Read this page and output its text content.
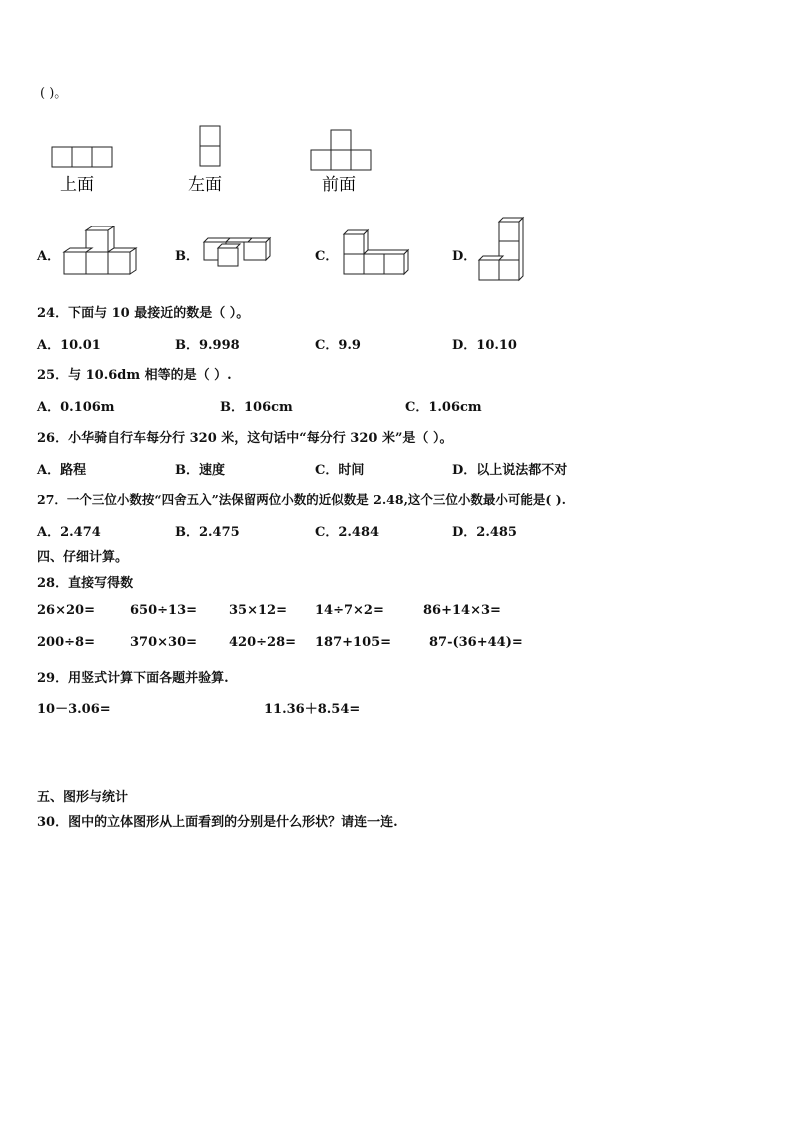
( )。
上面	左面	前面
A．	B．	C．	D．
24．下面与 10 最接近的数是（ ）。
A．10.01	B．9.998	C．9.9	D．10.10
25．与 10.6dm 相等的是（ ）.
A．0.106m	B．106cm	C．1.06cm
26．小华骑自行车每分行 320 米，这句话中“每分行 320 米”是（ ）。
A．路程	B．速度	C．时间	D．以上说法都不对
27．一个三位小数按“四舍五入”法保留两位小数的近似数是 2.48,这个三位小数最小可能是( ).
A．2.474	B．2.475	C．2.484	D．2.485
四、仔细计算。
28．直接写得数
26×20=	650÷13= 35×12= 14÷7×2=	86+14×3=
200÷8=	370×30= 420÷28= 187+105=	87-(36+44)=
29．用竖式计算下面各题并验算.
10－3.06=	11.36＋8.54=
五、图形与统计
30．图中的立体图形从上面看到的分别是什么形状？请连一连.
